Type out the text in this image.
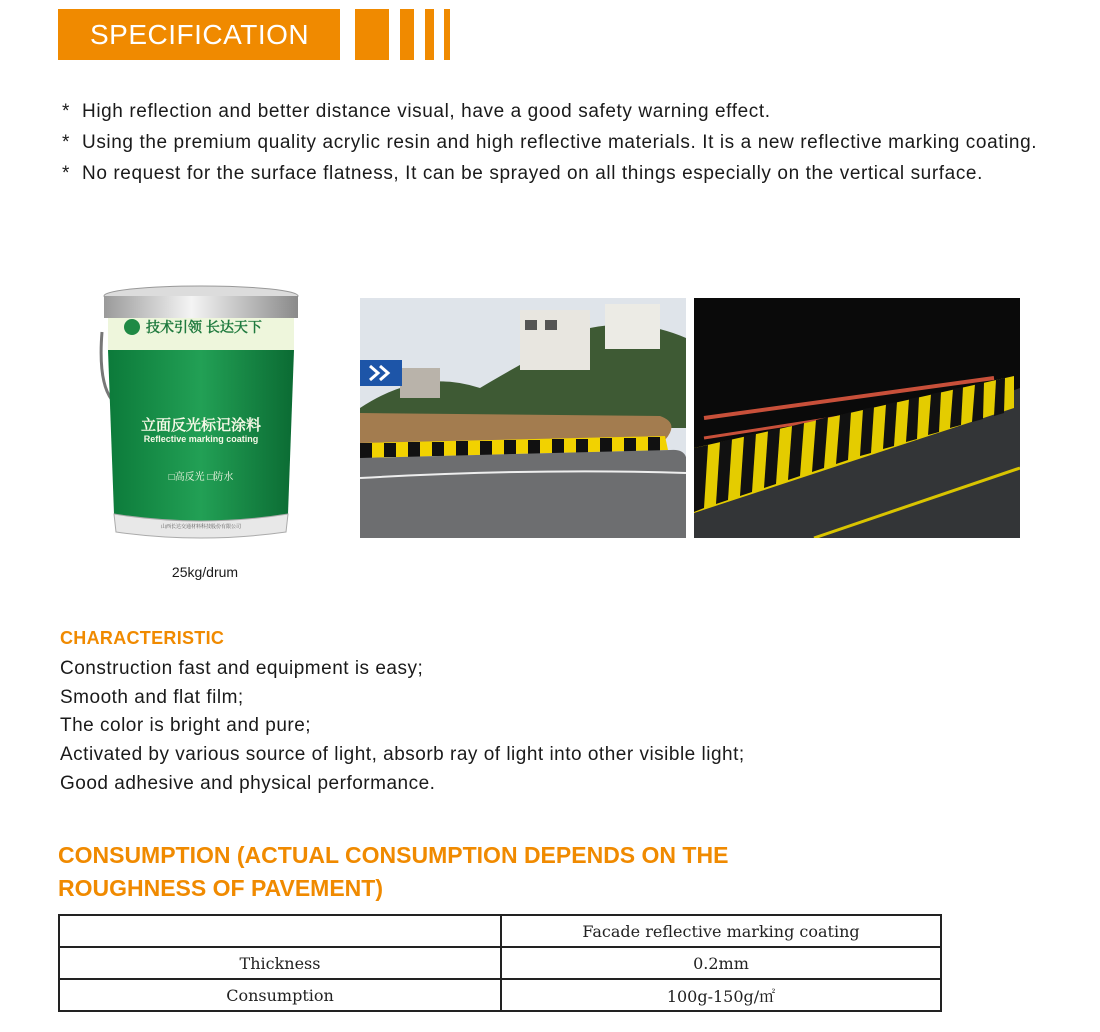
SPECIFICATION
* High reflection and better distance visual, have a good safety warning effect.
* Using the premium quality acrylic resin and high reflective materials. It is a new reflective marking coating.
* No request for the surface flatness, It can be sprayed on all things especially on the vertical surface.
技术引领 长达天下
立面反光标记涂料
Reflective marking coating
□高反光 □防水
山西长达交通材料科技股份有限公司
25kg/drum
CHARACTERISTIC
Construction fast and equipment is easy;
Smooth and flat film;
The color is bright and pure;
Activated by various source of light, absorb ray of light into other visible light;
Good adhesive and physical performance.
CONSUMPTION (ACTUAL CONSUMPTION DEPENDS ON THE
ROUGHNESS OF PAVEMENT)
	Facade reflective marking coating
Thickness	0.2mm
Consumption	100g-150g/㎡
